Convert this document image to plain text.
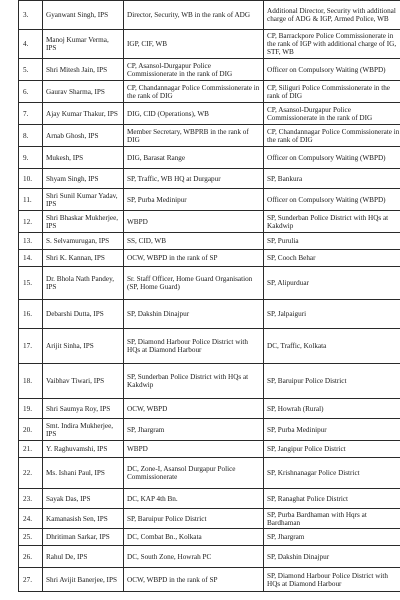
3.	Gyanwant Singh, IPS	Director, Security, WB in the rank of ADG	Additional Director, Security with additional charge of ADG & IGP, Armed Police, WB
4.	Manoj Kumar Verma, IPS	IGP, CIF, WB	CP, Barrackpore Police Commissionerate in the rank of IGP with additional charge of IG, STF, WB
5.	Shri Mitesh Jain, IPS	CP, Asansol-Durgapur Police Commissionerate in the rank of DIG	Officer on Compulsory Waiting (WBPD)
6.	Gaurav Sharma, IPS	CP, Chandannagar Police Commissionerate in the rank of DIG	CP, Siliguri Police Commissionerate in the rank of DIG
7.	Ajay Kumar Thakur, IPS	DIG, CID (Operations), WB	CP, Asansol-Durgapur Police Commissionerate in the rank of DIG
8.	Arnab Ghosh, IPS	Member Secretary, WBPRB in the rank of DIG	CP, Chandannagar Police Commissionerate in the rank of DIG
9.	Mukesh, IPS	DIG, Barasat Range	Officer on Compulsory Waiting (WBPD)
10.	Shyam Singh, IPS	SP, Traffic, WB HQ at Durgapur	SP, Bankura
11.	Shri Sunil Kumar Yadav, IPS	SP, Purba Medinipur	Officer on Compulsory Waiting (WBPD)
12.	Shri Bhaskar Mukherjee, IPS	WBPD	SP, Sunderban Police District with HQs at Kakdwip
13.	S. Selvamurugan, IPS	SS, CID, WB	SP, Purulia
14.	Shri K. Kannan, IPS	OCW, WBPD in the rank of SP	SP, Cooch Behar
15.	Dr. Bhola Nath Pandey, IPS	Sr. Staff Officer, Home Guard Organisation (SP, Home Guard)	SP, Alipurduar
16.	Debarshi Dutta, IPS	SP, Dakshin Dinajpur	SP, Jalpaiguri
17.	Arijit Sinha, IPS	SP, Diamond Harbour Police District with HQs at Diamond Harbour	DC, Traffic, Kolkata
18.	Vaibhav Tiwari, IPS	SP, Sunderban Police District with HQs at Kakdwip	SP, Baruipur Police District
19.	Shri Saumya Roy, IPS	OCW, WBPD	SP, Howrah (Rural)
20.	Smt. Indira Mukherjee, IPS	SP, Jhargram	SP, Purba Medinipur
21.	Y. Raghuvamshi, IPS	WBPD	SP, Jangipur Police District
22.	Ms. Ishani Paul, IPS	DC, Zone-I, Asansol Durgapur Police Commissionerate	SP, Krishnanagar Police District
23.	Sayak Das, IPS	DC, KAP 4th Bn.	SP, Ranaghat Police District
24.	Kamanasish Sen, IPS	SP, Baruipur Police District	SP, Purba Bardhaman with Hqrs at Bardhaman
25.	Dhritiman Sarkar, IPS	DC, Combat Bn., Kolkata	SP, Jhargram
26.	Rahul De, IPS	DC, South Zone, Howrah PC	SP, Dakshin Dinajpur
27.	Shri Avijit Banerjee, IPS	OCW, WBPD in the rank of SP	SP, Diamond Harbour Police District with HQs at Diamond Harbour
